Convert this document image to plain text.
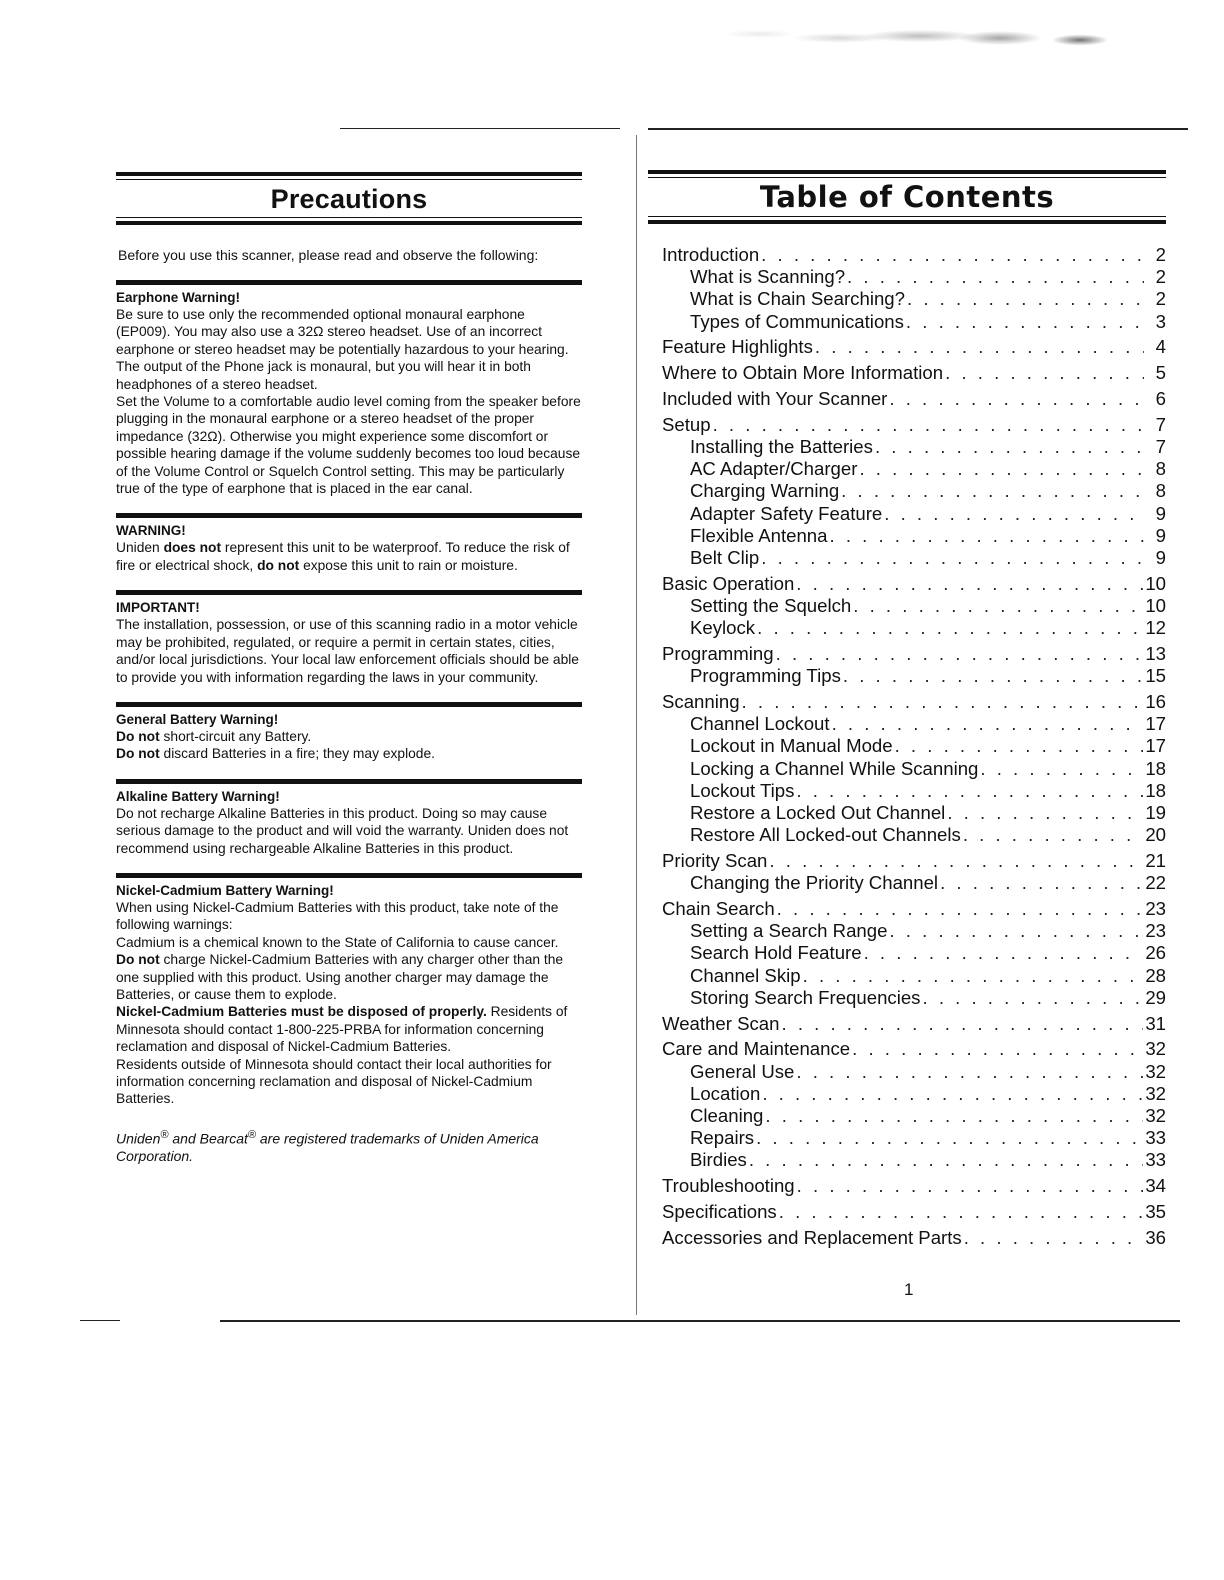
Precautions

Before you use this scanner, please read and observe the following:

Earphone Warning!

Be sure to use only the recommended optional monaural earphone (EP009). You may also use a 32Ω stereo headset. Use of an incorrect earphone or stereo headset may be potentially hazardous to your hearing. The output of the Phone jack is monaural, but you will hear it in both headphones of a stereo headset.

Set the Volume to a comfortable audio level coming from the speaker before plugging in the monaural earphone or a stereo headset of the proper impedance (32Ω). Otherwise you might experience some discomfort or possible hearing damage if the volume suddenly becomes too loud because of the Volume Control or Squelch Control setting. This may be particularly true of the type of earphone that is placed in the ear canal.

WARNING!

Uniden does not represent this unit to be waterproof. To reduce the risk of fire or electrical shock, do not expose this unit to rain or moisture.

IMPORTANT!

The installation, possession, or use of this scanning radio in a motor vehicle may be prohibited, regulated, or require a permit in certain states, cities, and/or local jurisdictions. Your local law enforcement officials should be able to provide you with information regarding the laws in your community.

General Battery Warning!

Do not short-circuit any Battery.

Do not discard Batteries in a fire; they may explode.

Alkaline Battery Warning!

Do not recharge Alkaline Batteries in this product. Doing so may cause serious damage to the product and will void the warranty. Uniden does not recommend using rechargeable Alkaline Batteries in this product.

Nickel-Cadmium Battery Warning!

When using Nickel-Cadmium Batteries with this product, take note of the following warnings:

Cadmium is a chemical known to the State of California to cause cancer.

Do not charge Nickel-Cadmium Batteries with any charger other than the one supplied with this product. Using another charger may damage the Batteries, or cause them to explode.

Nickel-Cadmium Batteries must be disposed of properly. Residents of Minnesota should contact 1-800-225-PRBA for information concerning reclamation and disposal of Nickel-Cadmium Batteries.

Residents outside of Minnesota should contact their local authorities for information concerning reclamation and disposal of Nickel-Cadmium Batteries.

Uniden® and Bearcat® are registered trademarks of Uniden America Corporation.
Table of Contents
Introduction . . .	2
What is Scanning? . . .	2
What is Chain Searching? . . .	2
Types of Communications . . .	3
Feature Highlights . . .	4
Where to Obtain More Information . . .	5
Included with Your Scanner . . .	6
Setup . . .	7
Installing the Batteries . . .	7
AC Adapter/Charger . . .	8
Charging Warning . . .	8
Adapter Safety Feature . . .	9
Flexible Antenna . . .	9
Belt Clip . . .	9
Basic Operation . . .	10
Setting the Squelch . . .	10
Keylock . . .	12
Programming . . .	13
Programming Tips . . .	15
Scanning . . .	16
Channel Lockout . . .	17
Lockout in Manual Mode . . .	17
Locking a Channel While Scanning . . .	18
Lockout Tips . . .	18
Restore a Locked Out Channel . . .	19
Restore All Locked-out Channels . . .	20
Priority Scan . . .	21
Changing the Priority Channel . . .	22
Chain Search . . .	23
Setting a Search Range . . .	23
Search Hold Feature . . .	26
Channel Skip . . .	28
Storing Search Frequencies . . .	29
Weather Scan . . .	31
Care and Maintenance . . .	32
General Use . . .	32
Location . . .	32
Cleaning . . .	32
Repairs . . .	33
Birdies . . .	33
Troubleshooting . . .	34
Specifications . . .	35
Accessories and Replacement Parts . . .	36
1
